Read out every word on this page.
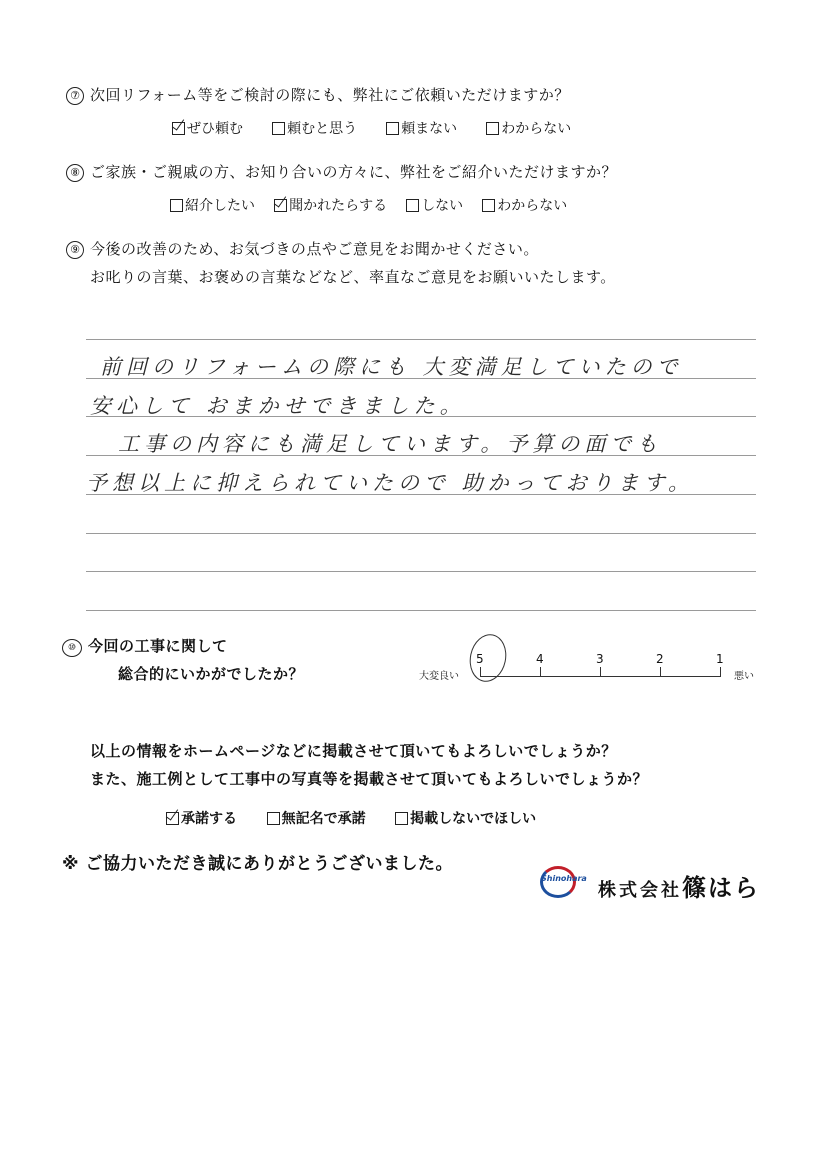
⑦ 次回リフォーム等をご検討の際にも、弊社にご依頼いただけますか？
ぜひ頼む
	頼むと思う
	頼まない
	わからない
⑧ ご家族・ご親戚の方、お知り合いの方々に、弊社をご紹介いただけますか？
紹介したい
聞かれたらする
しない
わからない
⑨ 今後の改善のため、お気づきの点やご意見をお聞かせください。
お叱りの言葉、お褒めの言葉などなど、率直なご意見をお願いいたします。
前回のリフォームの際にも 大変満足していたので
安心して おまかせできました。
工事の内容にも満足しています。予算の面でも
予想以上に抑えられていたので 助かっております。
⑩ 今回の工事に関して
総合的にいかがでしたか？	大変良い
5	4	3	2	1
悪い
以上の情報をホームページなどに掲載させて頂いてもよろしいでしょうか？
また、施工例として工事中の写真等を掲載させて頂いてもよろしいでしょうか？
承諾する
	無記名で承諾
	掲載しないでほしい
※ ご協力いただき誠にありがとうございました。
Shinohara
株式会社篠はら
